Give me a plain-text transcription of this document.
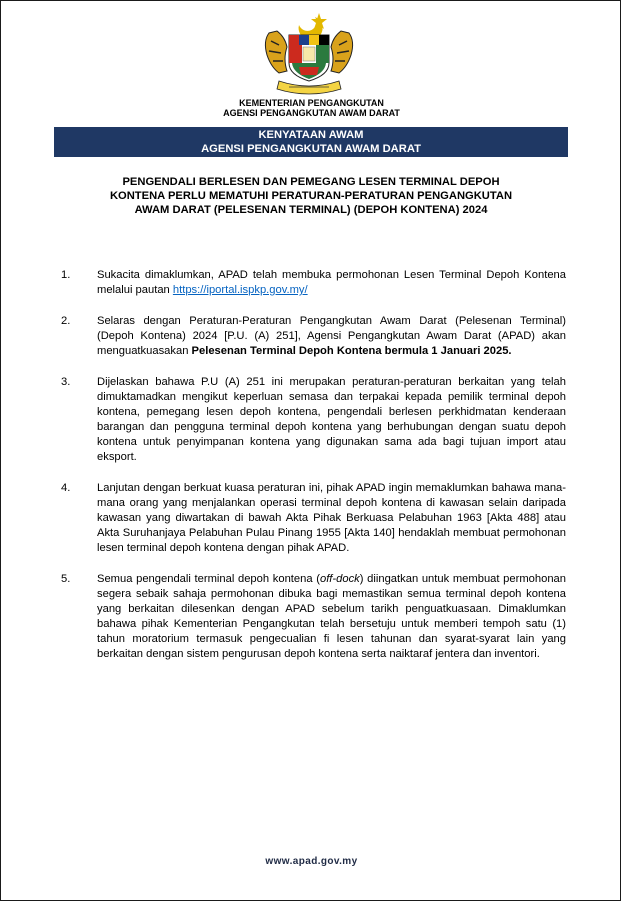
KEMENTERIAN PENGANGKUTAN
AGENSI PENGANGKUTAN AWAM DARAT
KENYATAAN AWAM
AGENSI PENGANGKUTAN AWAM DARAT
PENGENDALI BERLESEN DAN PEMEGANG LESEN TERMINAL DEPOH
KONTENA PERLU MEMATUHI PERATURAN-PERATURAN PENGANGKUTAN
AWAM DARAT (PELESENAN TERMINAL) (DEPOH KONTENA) 2024
1. Sukacita dimaklumkan, APAD telah membuka permohonan Lesen Terminal Depoh Kontena melalui pautan https://iportal.ispkp.gov.my/
2. Selaras dengan Peraturan-Peraturan Pengangkutan Awam Darat (Pelesenan Terminal) (Depoh Kontena) 2024 [P.U. (A) 251], Agensi Pengangkutan Awam Darat (APAD) akan menguatkuasakan Pelesenan Terminal Depoh Kontena bermula 1 Januari 2025.
3. Dijelaskan bahawa P.U (A) 251 ini merupakan peraturan-peraturan berkaitan yang telah dimuktamadkan mengikut keperluan semasa dan terpakai kepada pemilik terminal depoh kontena, pemegang lesen depoh kontena, pengendali berlesen perkhidmatan kenderaan barangan dan pengguna terminal depoh kontena yang berhubungan dengan suatu depoh kontena untuk penyimpanan kontena yang digunakan sama ada bagi tujuan import atau eksport.
4. Lanjutan dengan berkuat kuasa peraturan ini, pihak APAD ingin memaklumkan bahawa mana-mana orang yang menjalankan operasi terminal depoh kontena di kawasan selain daripada kawasan yang diwartakan di bawah Akta Pihak Berkuasa Pelabuhan 1963 [Akta 488] atau Akta Suruhanjaya Pelabuhan Pulau Pinang 1955 [Akta 140] hendaklah membuat permohonan lesen terminal depoh kontena dengan pihak APAD.
5. Semua pengendali terminal depoh kontena (off-dock) diingatkan untuk membuat permohonan segera sebaik sahaja permohonan dibuka bagi memastikan semua terminal depoh kontena yang berkaitan dilesenkan dengan APAD sebelum tarikh penguatkuasaan. Dimaklumkan bahawa pihak Kementerian Pengangkutan telah bersetuju untuk memberi tempoh satu (1) tahun moratorium termasuk pengecualian fi lesen tahunan dan syarat-syarat lain yang berkaitan dengan sistem pengurusan depoh kontena serta naiktaraf jentera dan inventori.
www.apad.gov.my
